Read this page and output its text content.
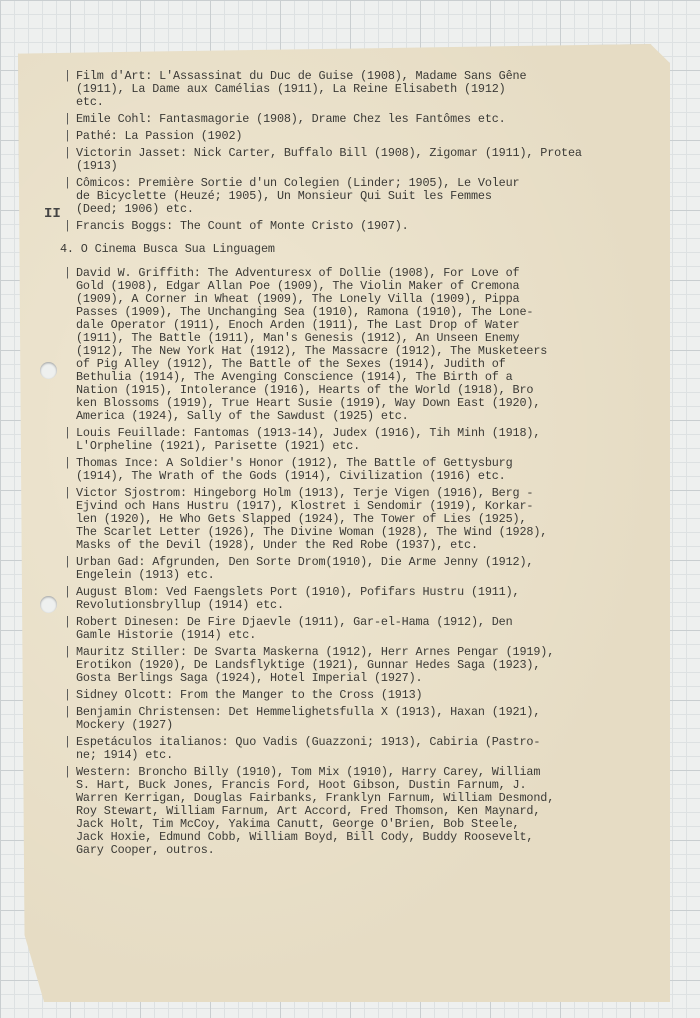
II
| Film d'Art: L'Assassinat du Duc de Guise (1908), Madame Sans Gêne
(1911), La Dame aux Camélias (1911), La Reine Elisabeth (1912)
etc.
| Emile Cohl: Fantasmagorie (1908), Drame Chez les Fantômes etc.
| Pathé: La Passion (1902)
| Victorin Jasset: Nick Carter, Buffalo Bill (1908), Zigomar (1911), Protea
(1913)
| Cômicos: Première Sortie d'un Colegien (Linder; 1905), Le Voleur
de Bicyclette (Heuzé; 1905), Un Monsieur Qui Suit les Femmes
(Deed; 1906) etc.
| Francis Boggs: The Count of Monte Cristo (1907).
4. O Cinema Busca Sua Linguagem
| David W. Griffith: The Adventuresx of Dollie (1908), For Love of
Gold (1908), Edgar Allan Poe (1909), The Violin Maker of Cremona
(1909), A Corner in Wheat (1909), The Lonely Villa (1909), Pippa
Passes (1909), The Unchanging Sea (1910), Ramona (1910), The Lone-
dale Operator (1911), Enoch Arden (1911), The Last Drop of Water
(1911), The Battle (1911), Man's Genesis (1912), An Unseen Enemy
(1912), The New York Hat (1912), The Massacre (1912), The Musketeers
of Pig Alley (1912), The Battle of the Sexes (1914), Judith of
Bethulia (1914), The Avenging Conscience (1914), The Birth of a
Nation (1915), Intolerance (1916), Hearts of the World (1918), Bro
ken Blossoms (1919), True Heart Susie (1919), Way Down East (1920),
America (1924), Sally of the Sawdust (1925) etc.
| Louis Feuillade: Fantomas (1913-14), Judex (1916), Tih Minh (1918),
L'Orpheline (1921), Parisette (1921) etc.
| Thomas Ince: A Soldier's Honor (1912), The Battle of Gettysburg
(1914), The Wrath of the Gods (1914), Civilization (1916) etc.
| Victor Sjostrom: Hingeborg Holm (1913), Terje Vigen (1916), Berg -
Ejvind och Hans Hustru (1917), Klostret i Sendomir (1919), Korkar-
len (1920), He Who Gets Slapped (1924), The Tower of Lies (1925),
The Scarlet Letter (1926), The Divine Woman (1928), The Wind (1928),
Masks of the Devil (1928), Under the Red Robe (1937), etc.
| Urban Gad: Afgrunden, Den Sorte Drom(1910), Die Arme Jenny (1912),
Engelein (1913) etc.
| August Blom: Ved Faengslets Port (1910), Pofifars Hustru (1911),
Revolutionsbryllup (1914) etc.
| Robert Dinesen: De Fire Djaevle (1911), Gar-el-Hama (1912), Den
Gamle Historie (1914) etc.
| Mauritz Stiller: De Svarta Maskerna (1912), Herr Arnes Pengar (1919),
Erotikon (1920), De Landsflyktige (1921), Gunnar Hedes Saga (1923),
Gosta Berlings Saga (1924), Hotel Imperial (1927).
| Sidney Olcott: From the Manger to the Cross (1913)
| Benjamin Christensen: Det Hemmelighetsfulla X (1913), Haxan (1921),
Mockery (1927)
| Espetáculos italianos: Quo Vadis (Guazzoni; 1913), Cabiria (Pastro-
ne; 1914) etc.
| Western: Broncho Billy (1910), Tom Mix (1910), Harry Carey, William
S. Hart, Buck Jones, Francis Ford, Hoot Gibson, Dustin Farnum, J.
Warren Kerrigan, Douglas Fairbanks, Franklyn Farnum, William Desmond,
Roy Stewart, William Farnum, Art Accord, Fred Thomson, Ken Maynard,
Jack Holt, Tim McCoy, Yakima Canutt, George O'Brien, Bob Steele,
Jack Hoxie, Edmund Cobb, William Boyd, Bill Cody, Buddy Roosevelt,
Gary Cooper, outros.
